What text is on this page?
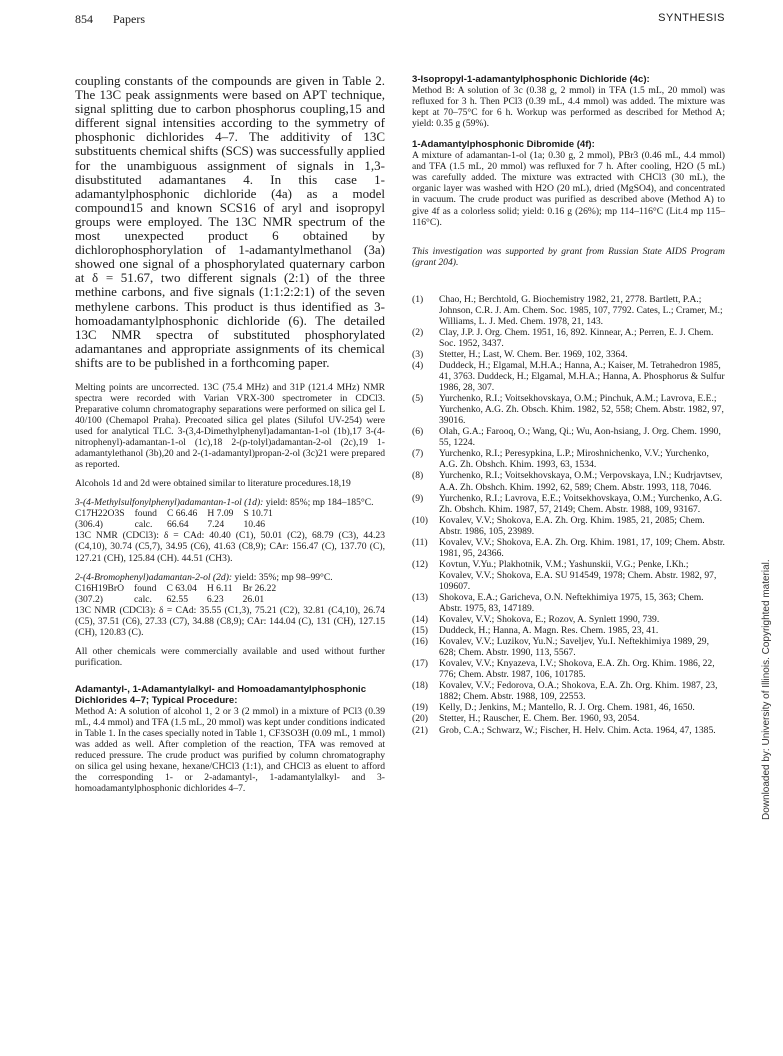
854 Papers	SYNTHESIS

coupling constants of the compounds are given in Table 2. The 13C peak assignments were based on APT technique, signal splitting due to carbon phosphorus coupling,15 and different signal intensities according to the symmetry of phosphonic dichlorides 4–7. The additivity of 13C substituents chemical shifts (SCS) was successfully applied for the unambiguous assignment of signals in 1,3-disubstituted adamantanes 4. In this case 1-adamantylphosphonic dichloride (4a) as a model compound15 and known SCS16 of aryl and isopropyl groups were employed. The 13C NMR spectrum of the most unexpected product 6 obtained by dichlorophosphorylation of 1-adamantylmethanol (3a) showed one signal of a phosphorylated quaternary carbon at δ = 51.67, two different signals (2:1) of the three methine carbons, and five signals (1:1:2:2:1) of the seven methylene carbons. This product is thus identified as 3-homoadamantylphosphonic dichloride (6). The detailed 13C NMR spectra of substituted phosphorylated adamantanes and appropriate assignments of its chemical shifts are to be published in a forthcoming paper.

Melting points are uncorrected. 13C (75.4 MHz) and 31P (121.4 MHz) NMR spectra were recorded with Varian VRX-300 spectrometer in CDCl3. Preparative column chromatography separations were performed on silica gel L 40/100 (Chemapol Praha). Precoated silica gel plates (Silufol UV-254) were used for analytical TLC. 3-(3,4-Dimethylphenyl)adamantan-1-ol (1b),17 3-(4-nitrophenyl)-adamantan-1-ol (1c),18 2-(p-tolyl)adamantan-2-ol (2c),19 1-adamantylethanol (3b),20 and 2-(1-adamantyl)propan-2-ol (3c)21 were prepared as reported.

Alcohols 1d and 2d were obtained similar to literature procedures.18,19

3-(4-Methylsulfonylphenyl)adamantan-1-ol (1d): yield: 85%; mp 184–185°C.

C17H22O3S	found	C 66.46	H 7.09	S 10.71
(306.4)	calc.	66.64	7.24	10.46

13C NMR (CDCl3): δ = CAd: 40.40 (C1), 50.01 (C2), 68.79 (C3), 44.23 (C4,10), 30.74 (C5,7), 34.95 (C6), 41.63 (C8,9); CAr: 156.47 (C), 137.70 (C), 127.21 (CH), 125.84 (CH). 44.51 (CH3).

2-(4-Bromophenyl)adamantan-2-ol (2d): yield: 35%; mp 98–99°C.

C16H19BrO	found	C 63.04	H 6.11	Br 26.22
(307.2)	calc.	62.55	6.23	26.01

13C NMR (CDCl3): δ = CAd: 35.55 (C1,3), 75.21 (C2), 32.81 (C4,10), 26.74 (C5), 37.51 (C6), 27.33 (C7), 34.88 (C8,9); CAr: 144.04 (C), 131 (CH), 127.15 (CH), 120.83 (C).

All other chemicals were commercially available and used without further purification.

Adamantyl-, 1-Adamantylalkyl- and Homoadamantylphosphonic Dichlorides 4–7; Typical Procedure:

Method A: A solution of alcohol 1, 2 or 3 (2 mmol) in a mixture of PCl3 (0.39 mL, 4.4 mmol) and TFA (1.5 mL, 20 mmol) was kept under conditions indicated in Table 1. In the cases specially noted in Table 1, CF3SO3H (0.09 mL, 1 mmol) was added as well. After completion of the reaction, TFA was removed at reduced pressure. The crude product was purified by column chromatography on silica gel using hexane, hexane/CHCl3 (1:1), and CHCl3 as eluent to afford the corresponding 1- or 2-adamantyl-, 1-adamantylalkyl- and 3-homoadamantylphosphonic dichlorides 4–7.

3-Isopropyl-1-adamantylphosphonic Dichloride (4c):

Method B: A solution of 3c (0.38 g, 2 mmol) in TFA (1.5 mL, 20 mmol) was refluxed for 3 h. Then PCl3 (0.39 mL, 4.4 mmol) was added. The mixture was kept at 70–75°C for 6 h. Workup was performed as described for Method A; yield: 0.35 g (59%).

1-Adamantylphosphonic Dibromide (4f):

A mixture of adamantan-1-ol (1a; 0.30 g, 2 mmol), PBr3 (0.46 mL, 4.4 mmol) and TFA (1.5 mL, 20 mmol) was refluxed for 7 h. After cooling, H2O (5 mL) was carefully added. The mixture was extracted with CHCl3 (30 mL), the organic layer was washed with H2O (20 mL), dried (MgSO4), and concentrated in vacuum. The crude product was purified as described above (Method A) to give 4f as a colorless solid; yield: 0.16 g (26%); mp 114–116°C (Lit.4 mp 115–116°C).

This investigation was supported by grant from Russian State AIDS Program (grant 204).

(1)	Chao, H.; Berchtold, G. Biochemistry 1982, 21, 2778. Bartlett, P.A.; Johnson, C.R. J. Am. Chem. Soc. 1985, 107, 7792. Cates, L.; Cramer, M.; Williams, L. J. Med. Chem. 1978, 21, 143.
(2)	Clay, J.P. J. Org. Chem. 1951, 16, 892. Kinnear, A.; Perren, E. J. Chem. Soc. 1952, 3437.
(3)	Stetter, H.; Last, W. Chem. Ber. 1969, 102, 3364.
(4)	Duddeck, H.; Elgamal, M.H.A.; Hanna, A.; Kaiser, M. Tetrahedron 1985, 41, 3763. Duddeck, H.; Elgamal, M.H.A.; Hanna, A. Phosphorus & Sulfur 1986, 28, 307.
(5)	Yurchenko, R.I.; Voitsekhovskaya, O.M.; Pinchuk, A.M.; Lavrova, E.E.; Yurchenko, A.G. Zh. Obsch. Khim. 1982, 52, 558; Chem. Abstr. 1982, 97, 39016.
(6)	Olah, G.A.; Farooq, O.; Wang, Qi.; Wu, Aon-hsiang, J. Org. Chem. 1990, 55, 1224.
(7)	Yurchenko, R.I.; Peresypkina, L.P.; Miroshnichenko, V.V.; Yurchenko, A.G. Zh. Obshch. Khim. 1993, 63, 1534.
(8)	Yurchenko, R.I.; Voitsekhovskaya, O.M.; Verpovskaya, I.N.; Kudrjavtsev, A.A. Zh. Obshch. Khim. 1992, 62, 589; Chem. Abstr. 1993, 118, 7046.
(9)	Yurchenko, R.I.; Lavrova, E.E.; Voitsekhovskaya, O.M.; Yurchenko, A.G. Zh. Obshch. Khim. 1987, 57, 2149; Chem. Abstr. 1988, 109, 93167.
(10)	Kovalev, V.V.; Shokova, E.A. Zh. Org. Khim. 1985, 21, 2085; Chem. Abstr. 1986, 105, 23989.
(11)	Kovalev, V.V.; Shokova, E.A. Zh. Org. Khim. 1981, 17, 109; Chem. Abstr. 1981, 95, 24366.
(12)	Kovtun, V.Yu.; Plakhotnik, V.M.; Yashunskii, V.G.; Penke, I.Kh.; Kovalev, V.V.; Shokova, E.A. SU 914549, 1978; Chem. Abstr. 1982, 97, 109607.
(13)	Shokova, E.A.; Garicheva, O.N. Neftekhimiya 1975, 15, 363; Chem. Abstr. 1975, 83, 147189.
(14)	Kovalev, V.V.; Shokova, E.; Rozov, A. Synlett 1990, 739.
(15)	Duddeck, H.; Hanna, A. Magn. Res. Chem. 1985, 23, 41.
(16)	Kovalev, V.V.; Luzikov, Yu.N.; Saveljev, Yu.I. Neftekhimiya 1989, 29, 628; Chem. Abstr. 1990, 113, 5567.
(17)	Kovalev, V.V.; Knyazeva, I.V.; Shokova, E.A. Zh. Org. Khim. 1986, 22, 776; Chem. Abstr. 1987, 106, 101785.
(18)	Kovalev, V.V.; Fedorova, O.A.; Shokova, E.A. Zh. Org. Khim. 1987, 23, 1882; Chem. Abstr. 1988, 109, 22553.
(19)	Kelly, D.; Jenkins, M.; Mantello, R. J. Org. Chem. 1981, 46, 1650.
(20)	Stetter, H.; Rauscher, E. Chem. Ber. 1960, 93, 2054.
(21)	Grob, C.A.; Schwarz, W.; Fischer, H. Helv. Chim. Acta. 1964, 47, 1385.	Downloaded by: University of Illinois. Copyrighted material.
